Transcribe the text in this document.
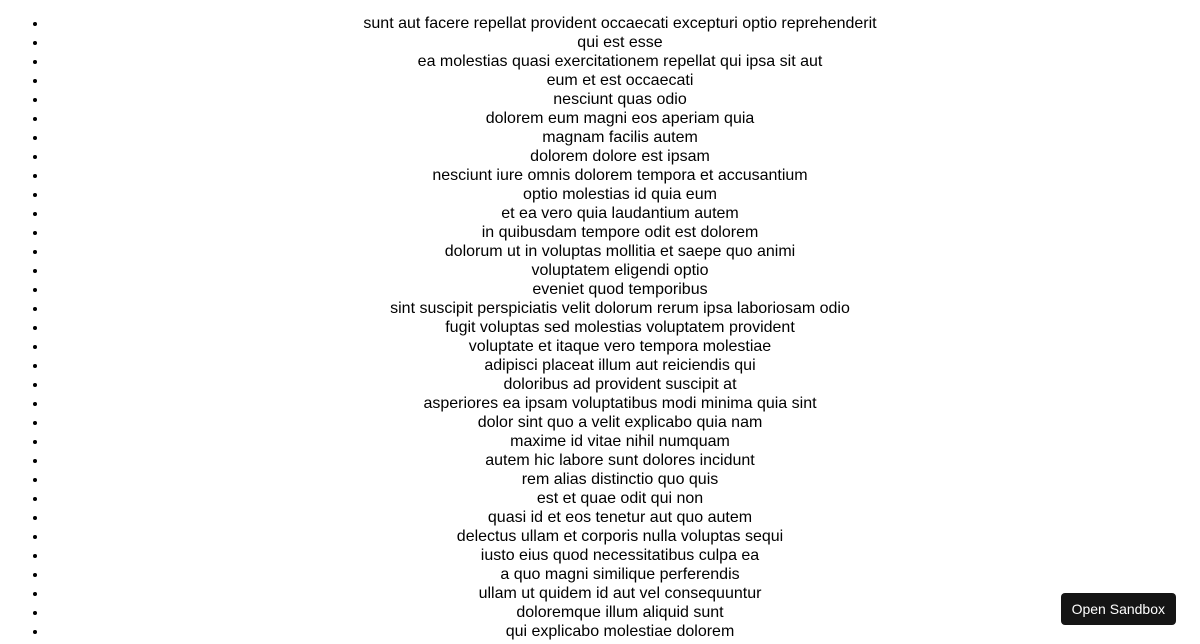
• sunt aut facere repellat provident occaecati excepturi optio reprehenderit
• qui est esse
• ea molestias quasi exercitationem repellat qui ipsa sit aut
• eum et est occaecati
• nesciunt quas odio
• dolorem eum magni eos aperiam quia
• magnam facilis autem
• dolorem dolore est ipsam
• nesciunt iure omnis dolorem tempora et accusantium
• optio molestias id quia eum
• et ea vero quia laudantium autem
• in quibusdam tempore odit est dolorem
• dolorum ut in voluptas mollitia et saepe quo animi
• voluptatem eligendi optio
• eveniet quod temporibus
• sint suscipit perspiciatis velit dolorum rerum ipsa laboriosam odio
• fugit voluptas sed molestias voluptatem provident
• voluptate et itaque vero tempora molestiae
• adipisci placeat illum aut reiciendis qui
• doloribus ad provident suscipit at
• asperiores ea ipsam voluptatibus modi minima quia sint
• dolor sint quo a velit explicabo quia nam
• maxime id vitae nihil numquam
• autem hic labore sunt dolores incidunt
• rem alias distinctio quo quis
• est et quae odit qui non
• quasi id et eos tenetur aut quo autem
• delectus ullam et corporis nulla voluptas sequi
• iusto eius quod necessitatibus culpa ea
• a quo magni similique perferendis
• ullam ut quidem id aut vel consequuntur
• doloremque illum aliquid sunt
• qui explicabo molestiae dolorem
Open Sandbox
